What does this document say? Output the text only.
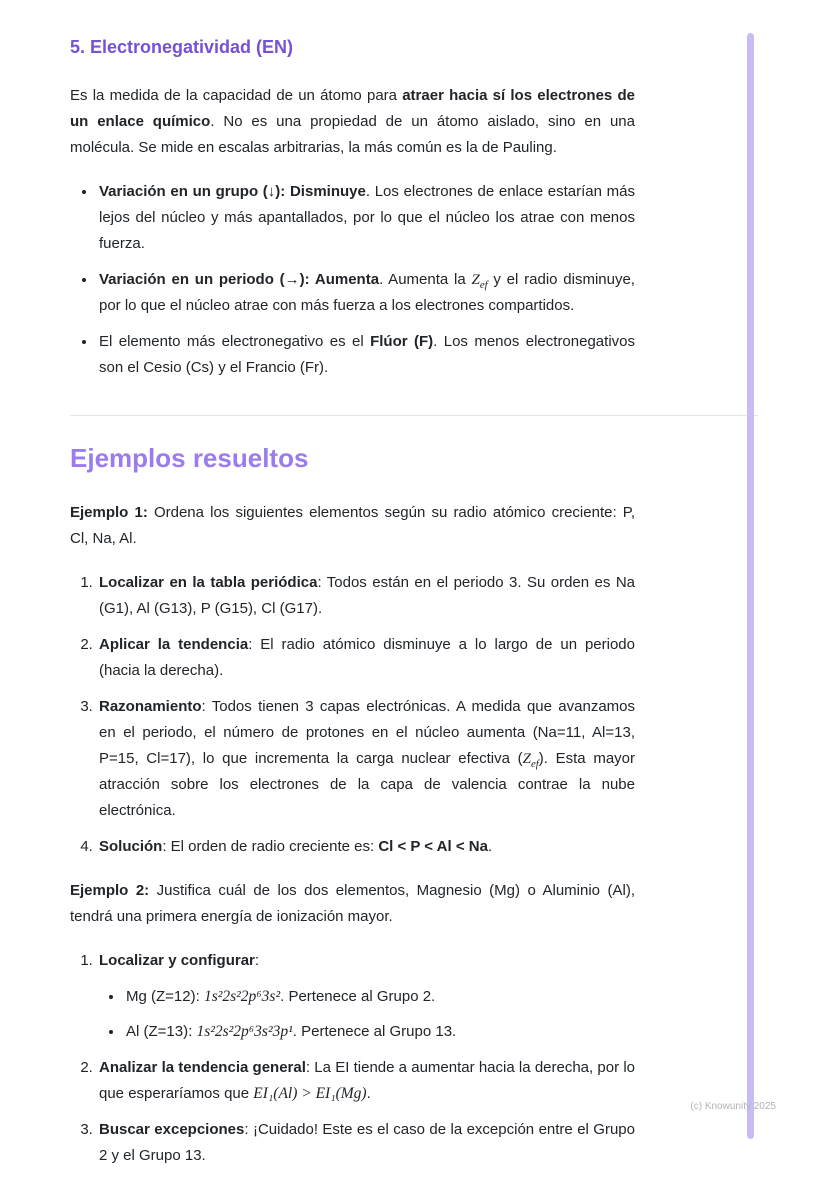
5. Electronegatividad (EN)

Es la medida de la capacidad de un átomo para atraer hacia sí los electrones de un enlace químico. No es una propiedad de un átomo aislado, sino en una molécula. Se mide en escalas arbitrarias, la más común es la de Pauling.

• Variación en un grupo (↓): Disminuye. Los electrones de enlace estarían más lejos del núcleo y más apantallados, por lo que el núcleo los atrae con menos fuerza.
• Variación en un periodo (→): Aumenta. Aumenta la $Z_{ef}$ y el radio disminuye, por lo que el núcleo atrae con más fuerza a los electrones compartidos.
• El elemento más electronegativo es el Flúor (F). Los menos electronegativos son el Cesio (Cs) y el Francio (Fr).
Ejemplos resueltos

Ejemplo 1: Ordena los siguientes elementos según su radio atómico creciente: P, Cl, Na, Al.

1. Localizar en la tabla periódica: Todos están en el periodo 3. Su orden es Na (G1), Al (G13), P (G15), Cl (G17).
2. Aplicar la tendencia: El radio atómico disminuye a lo largo de un periodo (hacia la derecha).
3. Razonamiento: Todos tienen 3 capas electrónicas. A medida que avanzamos en el periodo, el número de protones en el núcleo aumenta (Na=11, Al=13, P=15, Cl=17), lo que incrementa la carga nuclear efectiva $(Z_{ef})$. Esta mayor atracción sobre los electrones de la capa de valencia contrae la nube electrónica.
4. Solución: El orden de radio creciente es: Cl < P < Al < Na.

Ejemplo 2: Justifica cuál de los dos elementos, Magnesio (Mg) o Aluminio (Al), tendrá una primera energía de ionización mayor.

1. Localizar y configurar:
• Mg (Z=12): 1s²2s²2p⁶3s². Pertenece al Grupo 2.
• Al (Z=13): 1s²2s²2p⁶3s²3p¹. Pertenece al Grupo 13.
2. Analizar la tendencia general: La EI tiende a aumentar hacia la derecha, por lo que esperaríamos que EI₁(Al) > EI₁(Mg).
3. Buscar excepciones: ¡Cuidado! Este es el caso de la excepción entre el Grupo 2 y el Grupo 13.
(c) Knowunity 2025
